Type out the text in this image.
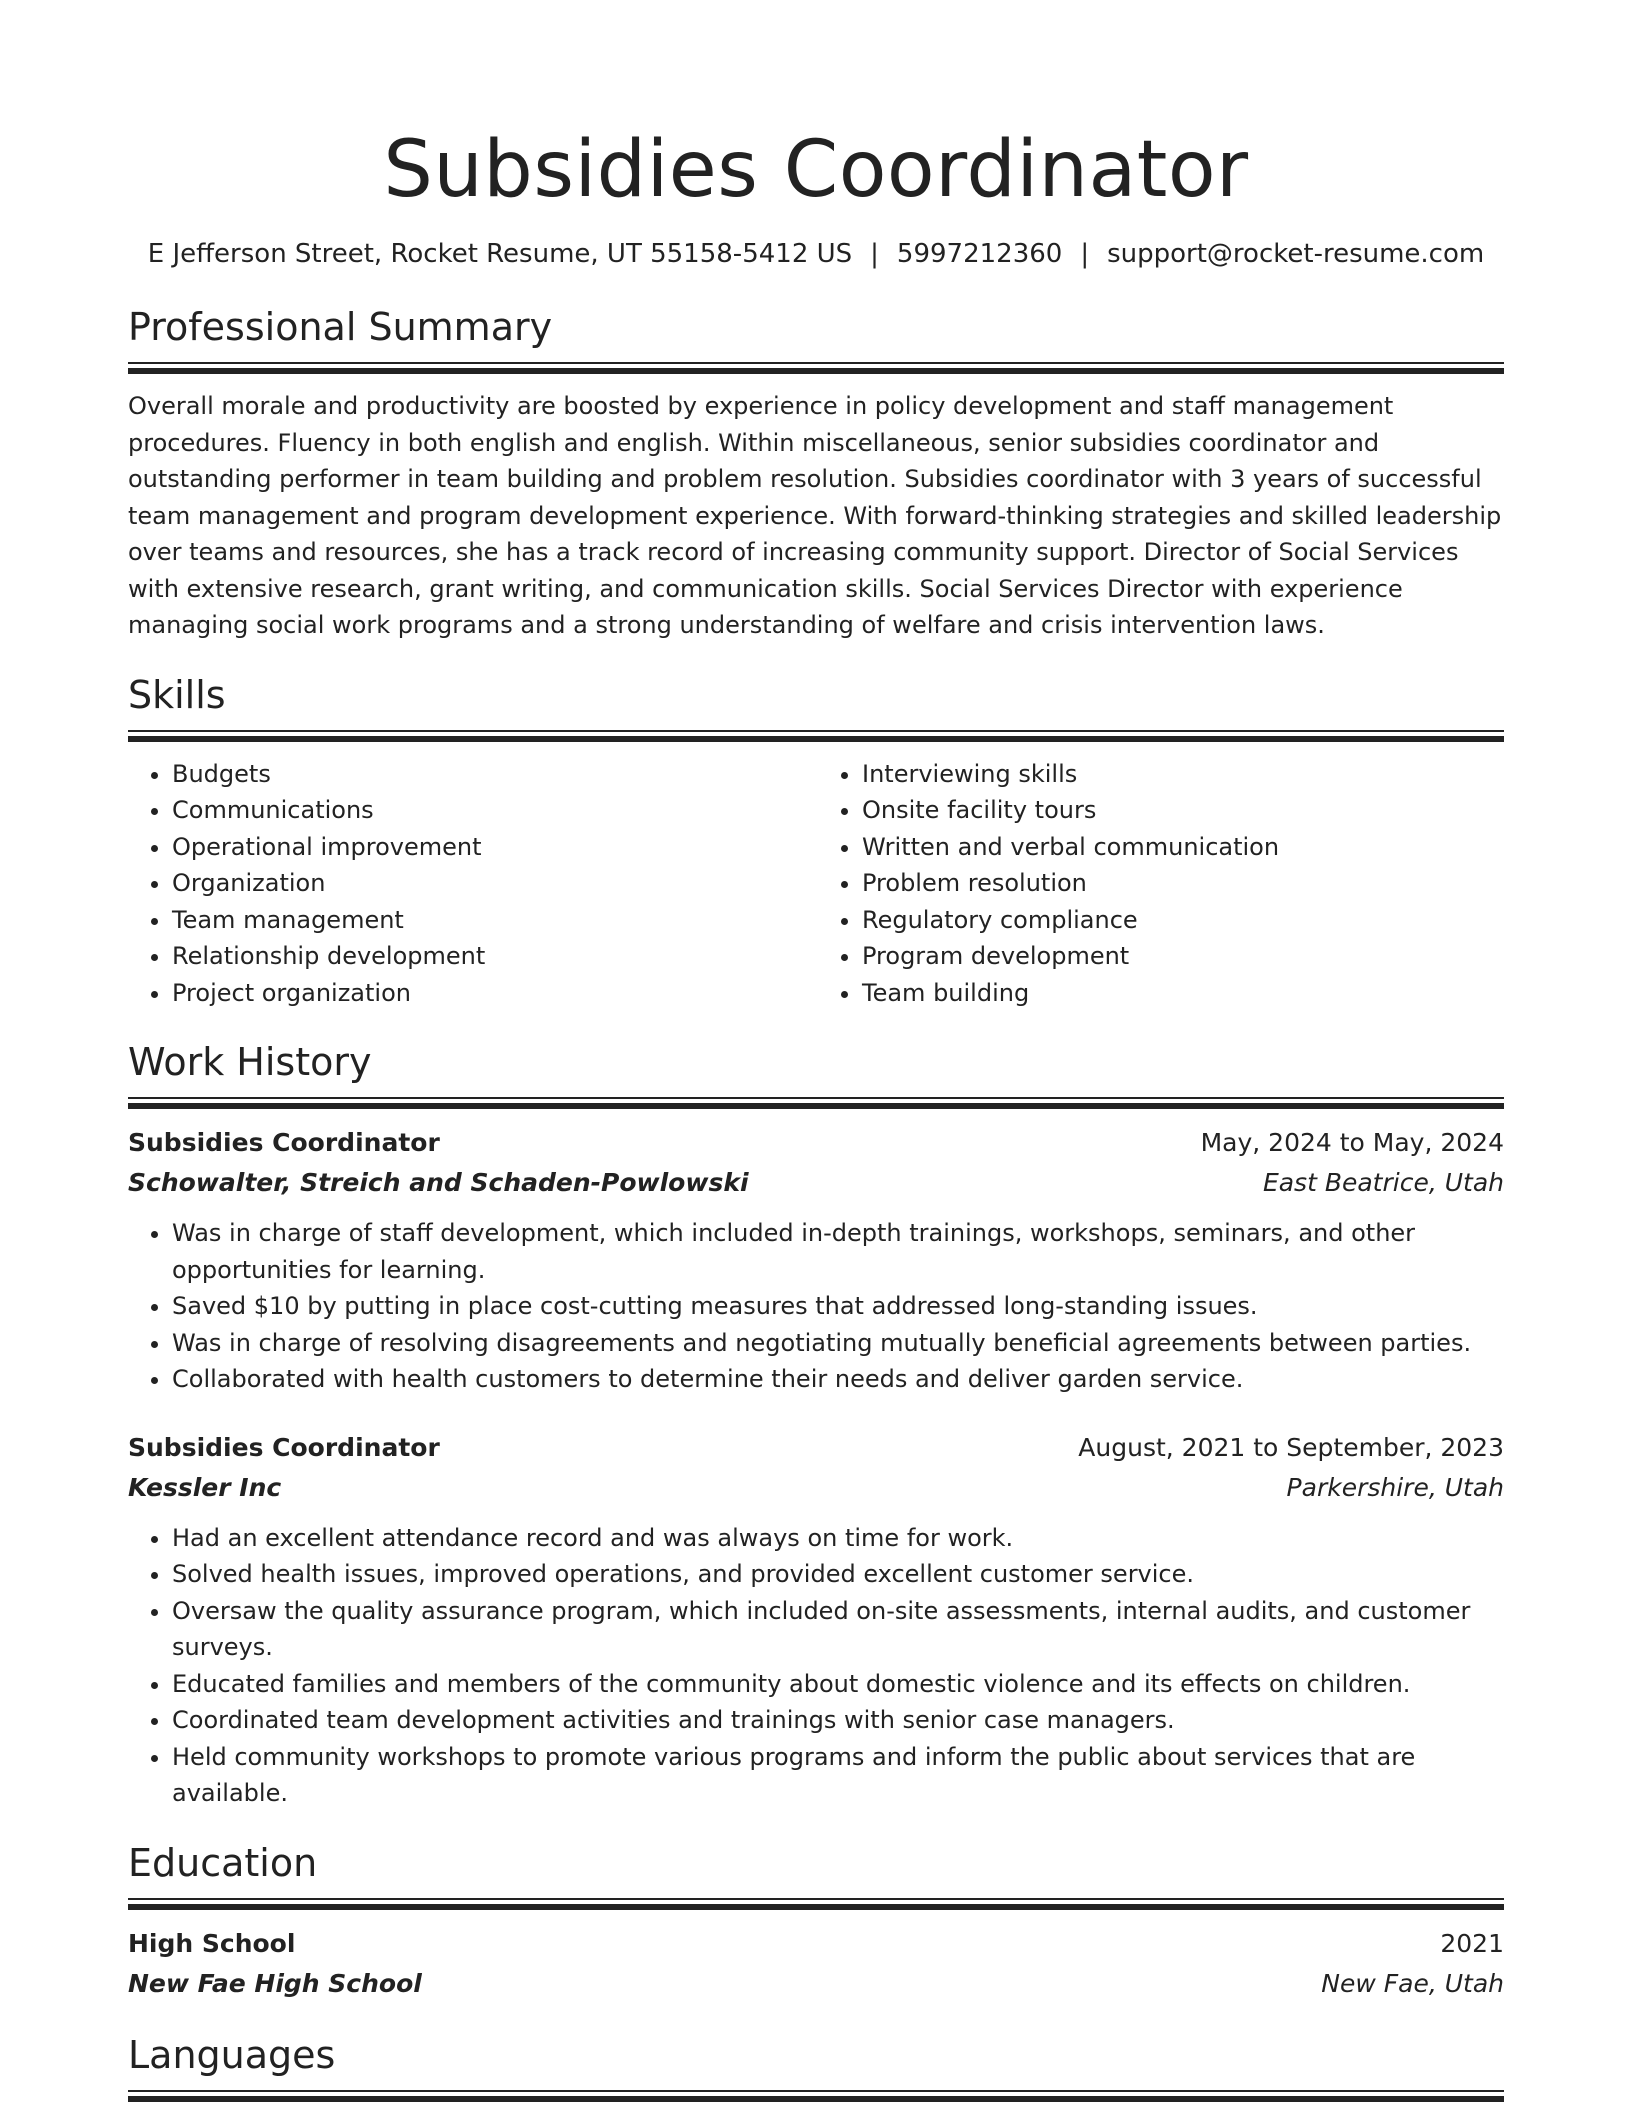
Subsidies Coordinator
E Jefferson Street, Rocket Resume, UT 55158-5412 US | 5997212360 | support@rocket-resume.com
Professional Summary

Overall morale and productivity are boosted by experience in policy development and staff management procedures. Fluency in both english and english. Within miscellaneous, senior subsidies coordinator and outstanding performer in team building and problem resolution. Subsidies coordinator with 3 years of successful team management and program development experience. With forward-thinking strategies and skilled leadership over teams and resources, she has a track record of increasing community support. Director of Social Services with extensive research, grant writing, and communication skills. Social Services Director with experience managing social work programs and a strong understanding of welfare and crisis intervention laws.

Skills
• Budgets
• Communications
• Operational improvement
• Organization
• Team management
• Relationship development
• Project organization
• Interviewing skills
• Onsite facility tours
• Written and verbal communication
• Problem resolution
• Regulatory compliance
• Program development
• Team building
Work History
Subsidies Coordinator	May, 2024 to May, 2024
Schowalter, Streich and Schaden-Powlowski	East Beatrice, Utah
• Was in charge of staff development, which included in-depth trainings, workshops, seminars, and other opportunities for learning.
• Saved $10 by putting in place cost-cutting measures that addressed long-standing issues.
• Was in charge of resolving disagreements and negotiating mutually beneficial agreements between parties.
• Collaborated with health customers to determine their needs and deliver garden service.
Subsidies Coordinator	August, 2021 to September, 2023
Kessler Inc	Parkershire, Utah
• Had an excellent attendance record and was always on time for work.
• Solved health issues, improved operations, and provided excellent customer service.
• Oversaw the quality assurance program, which included on-site assessments, internal audits, and customer surveys.
• Educated families and members of the community about domestic violence and its effects on children.
• Coordinated team development activities and trainings with senior case managers.
• Held community workshops to promote various programs and inform the public about services that are available.
Education
High School	2021
New Fae High School	New Fae, Utah
Languages
